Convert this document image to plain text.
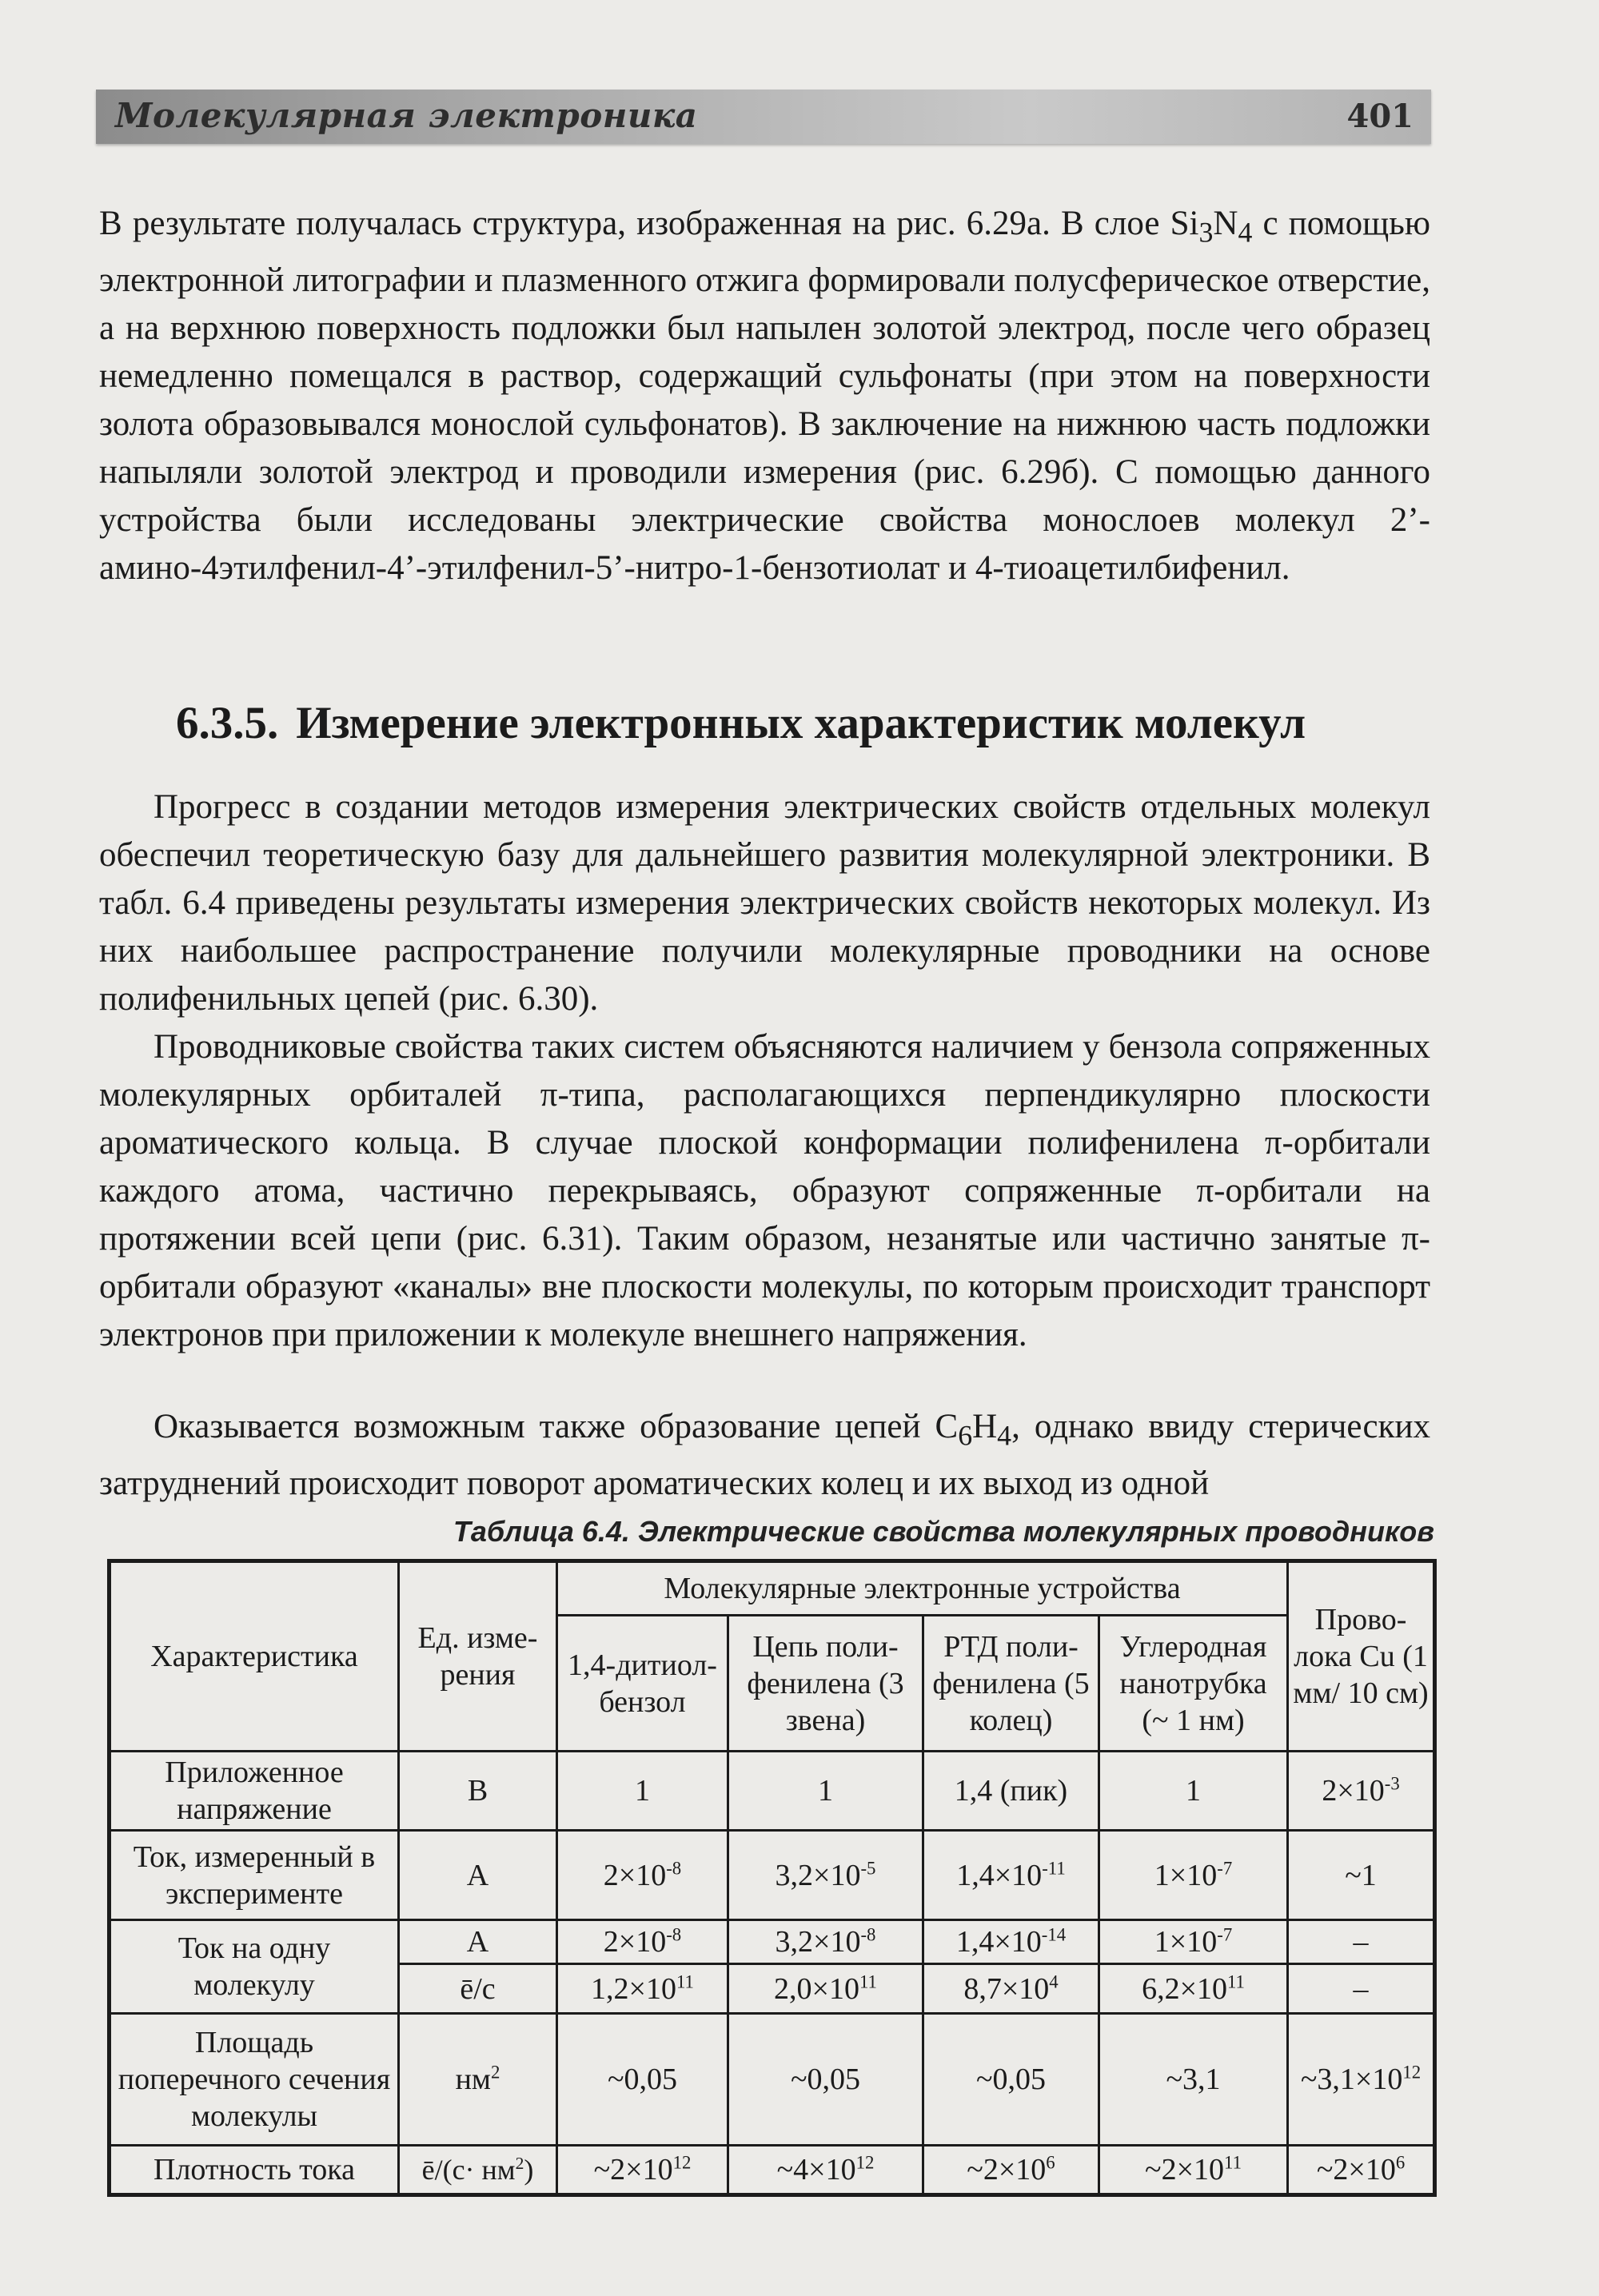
Молекулярная электроника	401

В результате получалась структура, изображенная на рис. 6.29а. В слое $Si_3N_4$ с помощью электронной литографии и плазменного отжига формировали полусферическое отверстие, а на верхнюю поверхность подложки был напылен золотой электрод, после чего образец немедленно помещался в раствор, содержащий сульфонаты (при этом на поверхности золота образовывался монослой сульфонатов). В заключение на нижнюю часть подложки напыляли золотой электрод и проводили измерения (рис. 6.29б). С помощью данного устройства были исследованы электрические свойства монослоев молекул 2’-амино-4этилфенил-4’-этилфенил-5’-нитро-1-бензотиолат и 4-тиоацетилбифенил.

6.3.5. Измерение электронных характеристик молекул

Прогресс в создании методов измерения электрических свойств отдельных молекул обеспечил теоретическую базу для дальнейшего развития молекулярной электроники. В табл. 6.4 приведены результаты измерения электрических свойств некоторых молекул. Из них наибольшее распространение получили молекулярные проводники на основе полифенильных цепей (рис. 6.30).

Проводниковые свойства таких систем объясняются наличием у бензола сопряженных молекулярных орбиталей π-типа, располагающихся перпендикулярно плоскости ароматического кольца. В случае плоской конформации полифенилена π-орбитали каждого атома, частично перекрываясь, образуют сопряженные π-орбитали на протяжении всей цепи (рис. 6.31). Таким образом, незанятые или частично занятые π-орбитали образуют «каналы» вне плоскости молекулы, по которым происходит транспорт электронов при приложении к молекуле внешнего напряжения.

Оказывается возможным также образование цепей $C_6H_4$, однако ввиду стерических затруднений происходит поворот ароматических колец и их выход из одной

Таблица 6.4. Электрические свойства молекулярных проводников

Характеристика	Ед. изме-рения	Молекулярные электронные устройства				Прово-лока Cu (1 мм/ 10 см)
		1,4-дитиол-бензол	Цепь поли-фенилена (3 звена)	РТД поли-фенилена (5 колец)	Углеродная нанотрубка (~ 1 нм)	
Приложенное напряжение	В	1	1	1,4 (пик)	1	$2\times 10^{-3}$
Ток, измеренный в эксперименте	А	$2\times 10^{-8}$	$3,2\times 10^{-5}$	$1,4\times 10^{-11}$	$1\times 10^{-7}$	~1
Ток на одну молекулу	А	$2\times 10^{-8}$	$3,2\times 10^{-8}$	$1,4\times 10^{-14}$	$1\times 10^{-7}$	–
	ē/с	$1,2\times 10^{11}$	$2,0\times 10^{11}$	$8,7\times 10^4$	$6,2\times 10^{11}$	–
Площадь поперечного сечения молекулы	$нм^2$	~0,05	~0,05	~0,05	~3,1	$\sim 3,1\times 10^{12}$
Плотность тока	ē/(с· $нм^2$)	$\sim 2\times 10^{12}$	$\sim 4\times 10^{12}$	$\sim 2\times 10^6$	$\sim 2\times 10^{11}$	$\sim 2\times 10^6$
